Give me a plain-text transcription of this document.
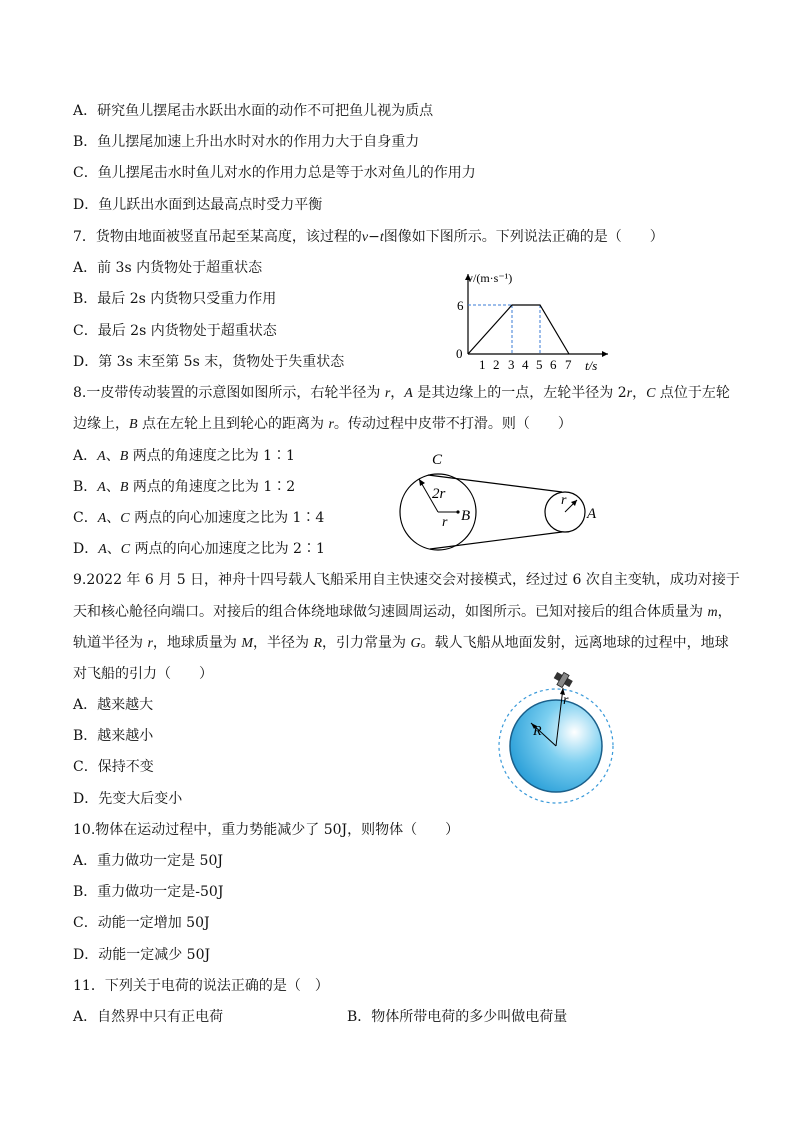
A．研究鱼儿摆尾击水跃出水面的动作不可把鱼儿视为质点
B．鱼儿摆尾加速上升出水时对水的作用力大于自身重力
C．鱼儿摆尾击水时鱼儿对水的作用力总是等于水对鱼儿的作用力
D．鱼儿跃出水面到达最高点时受力平衡
7．货物由地面被竖直吊起至某高度，该过程的v−t图像如下图所示。下列说法正确的是（　　）
A．前 3s 内货物处于超重状态
B．最后 2s 内货物只受重力作用
C．最后 2s 内货物处于超重状态
D．第 3s 末至第 5s 末，货物处于失重状态
v/(m·s⁻¹)
6
0
1 2 3 4 5 6 7 t/s
8.一皮带传动装置的示意图如图所示，右轮半径为 r，A 是其边缘上的一点，左轮半径为 2r，C 点位于左轮
边缘上，B 点在左轮上且到轮心的距离为 r。传动过程中皮带不打滑。则（　　）
A．A、B 两点的角速度之比为 1∶1
B．A、B 两点的角速度之比为 1∶2
C．A、C 两点的向心加速度之比为 1∶4
D．A、C 两点的向心加速度之比为 2∶1
C
2r
r B
r
A
9.2022 年 6 月 5 日，神舟十四号载人飞船采用自主快速交会对接模式，经过过 6 次自主变轨，成功对接于
天和核心舱径向端口。对接后的组合体绕地球做匀速圆周运动，如图所示。已知对接后的组合体质量为 m，
轨道半径为 r，地球质量为 M，半径为 R，引力常量为 G。载人飞船从地面发射，远离地球的过程中，地球
对飞船的引力（　　）
A．越来越大
B．越来越小
C．保持不变
D．先变大后变小
R
r
10.物体在运动过程中，重力势能减少了 50J，则物体（　　）
A．重力做功一定是 50J
B．重力做功一定是-50J
C．动能一定增加 50J
D．动能一定减少 50J
11．下列关于电荷的说法正确的是（　）
A．自然界中只有正电荷	B．物体所带电荷的多少叫做电荷量
